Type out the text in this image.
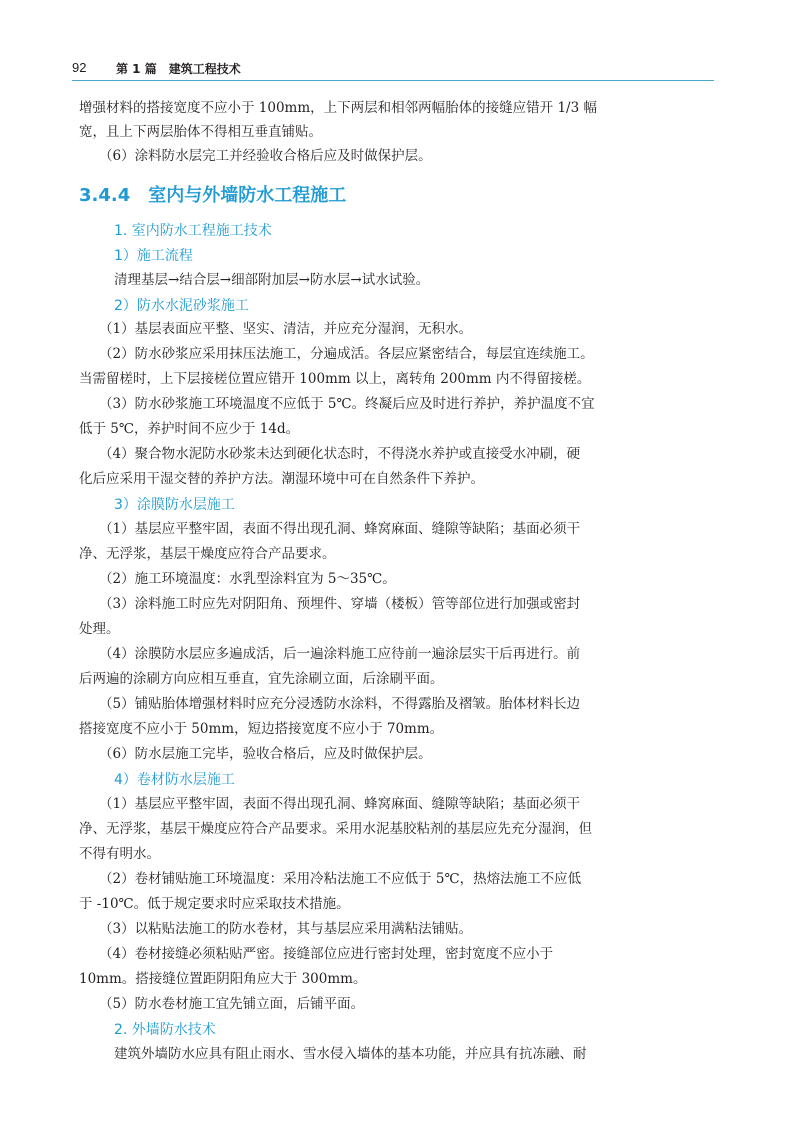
92 第 1 篇　建筑工程技术
增强材料的搭接宽度不应小于 100mm，上下两层和相邻两幅胎体的接缝应错开 1/3 幅
宽，且上下两层胎体不得相互垂直铺贴。
（6）涂料防水层完工并经验收合格后应及时做保护层。
3.4.4　室内与外墙防水工程施工
1. 室内防水工程施工技术
1）施工流程
清理基层→结合层→细部附加层→防水层→试水试验。
2）防水水泥砂浆施工
（1）基层表面应平整、坚实、清洁，并应充分湿润，无积水。
（2）防水砂浆应采用抹压法施工，分遍成活。各层应紧密结合，每层宜连续施工。
当需留槎时，上下层接槎位置应错开 100mm 以上，离转角 200mm 内不得留接槎。
（3）防水砂浆施工环境温度不应低于 5℃。终凝后应及时进行养护，养护温度不宜
低于 5℃，养护时间不应少于 14d。
（4）聚合物水泥防水砂浆未达到硬化状态时，不得浇水养护或直接受水冲刷，硬
化后应采用干湿交替的养护方法。潮湿环境中可在自然条件下养护。
3）涂膜防水层施工
（1）基层应平整牢固，表面不得出现孔洞、蜂窝麻面、缝隙等缺陷；基面必须干
净、无浮浆，基层干燥度应符合产品要求。
（2）施工环境温度：水乳型涂料宜为 5～35℃。
（3）涂料施工时应先对阴阳角、预埋件、穿墙（楼板）管等部位进行加强或密封
处理。
（4）涂膜防水层应多遍成活，后一遍涂料施工应待前一遍涂层实干后再进行。前
后两遍的涂刷方向应相互垂直，宜先涂刷立面，后涂刷平面。
（5）铺贴胎体增强材料时应充分浸透防水涂料，不得露胎及褶皱。胎体材料长边
搭接宽度不应小于 50mm，短边搭接宽度不应小于 70mm。
（6）防水层施工完毕，验收合格后，应及时做保护层。
4）卷材防水层施工
（1）基层应平整牢固，表面不得出现孔洞、蜂窝麻面、缝隙等缺陷；基面必须干
净、无浮浆，基层干燥度应符合产品要求。采用水泥基胶粘剂的基层应先充分湿润，但
不得有明水。
（2）卷材铺贴施工环境温度：采用冷粘法施工不应低于 5℃，热熔法施工不应低
于 -10℃。低于规定要求时应采取技术措施。
（3）以粘贴法施工的防水卷材，其与基层应采用满粘法铺贴。
（4）卷材接缝必须粘贴严密。接缝部位应进行密封处理，密封宽度不应小于
10mm。搭接缝位置距阴阳角应大于 300mm。
（5）防水卷材施工宜先铺立面，后铺平面。
2. 外墙防水技术
建筑外墙防水应具有阻止雨水、雪水侵入墙体的基本功能，并应具有抗冻融、耐
